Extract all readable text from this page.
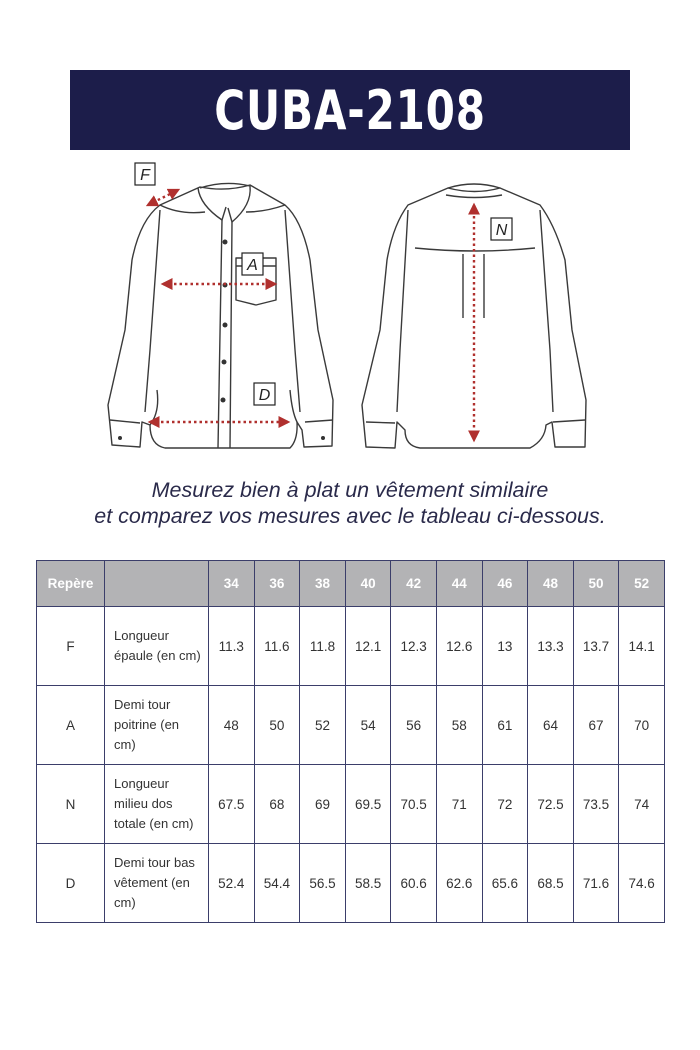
CUBA-2108
F
A
D
N
Mesurez bien à plat un vêtement similaire
et comparez vos mesures avec le tableau ci-dessous.
Repère		34	36	38	40	42	44	46	48	50	52
F	Longueur épaule (en cm)	11.3	11.6	11.8	12.1	12.3	12.6	13	13.3	13.7	14.1
A	Demi tour poitrine (en cm)	48	50	52	54	56	58	61	64	67	70
N	Longueur milieu dos totale (en cm)	67.5	68	69	69.5	70.5	71	72	72.5	73.5	74
D	Demi tour bas vêtement (en cm)	52.4	54.4	56.5	58.5	60.6	62.6	65.6	68.5	71.6	74.6
